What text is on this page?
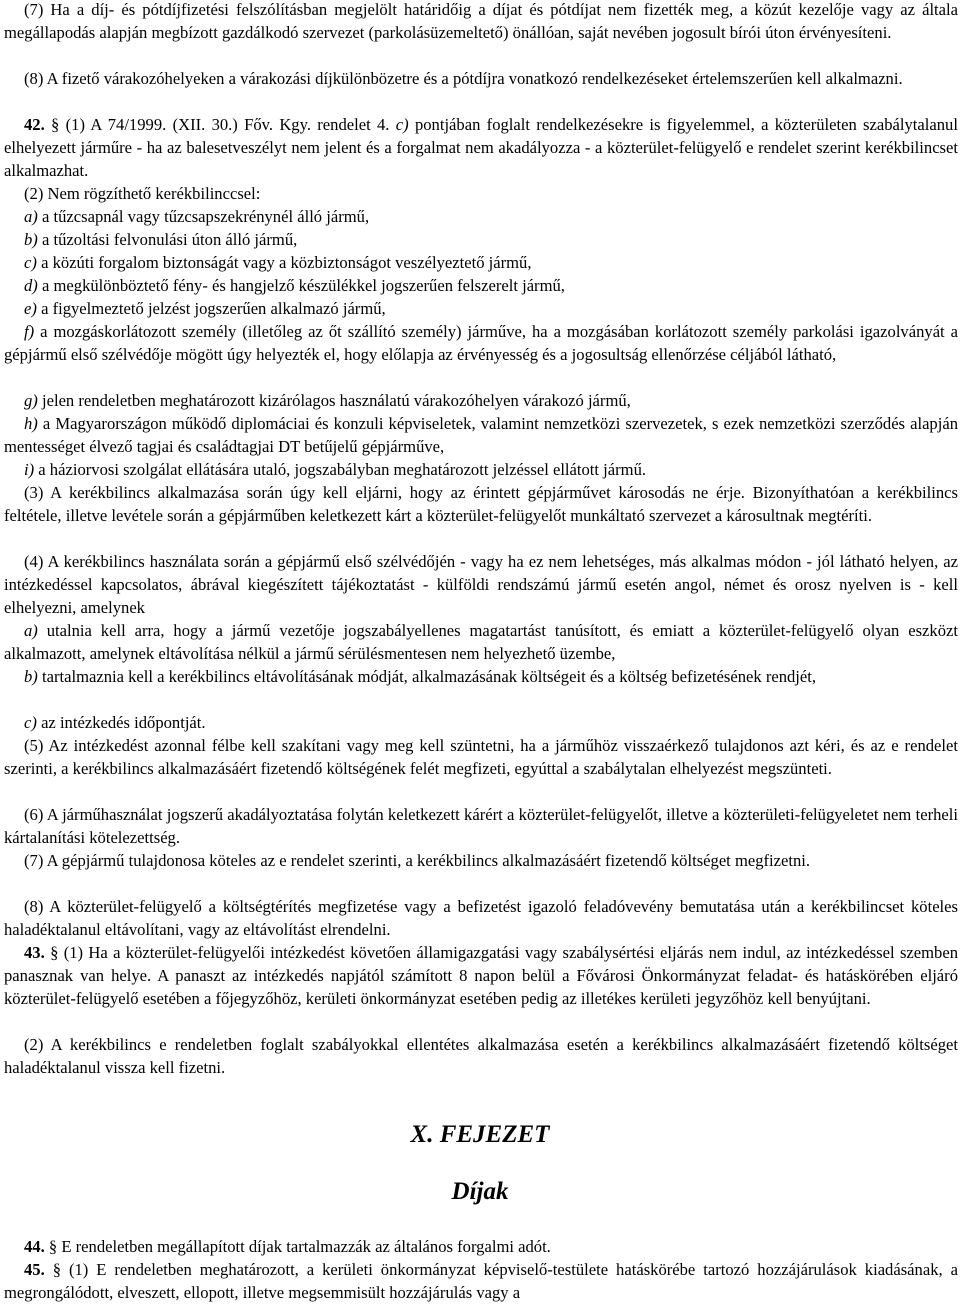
(7) Ha a díj- és pótdíjfizetési felszólításban megjelölt határidőig a díjat és pótdíjat nem fizették meg, a közút kezelője vagy az általa megállapodás alapján megbízott gazdálkodó szervezet (parkolásüzemeltető) önállóan, saját nevében jogosult bírói úton érvényesíteni.

(8) A fizető várakozóhelyeken a várakozási díjkülönbözetre és a pótdíjra vonatkozó rendelkezéseket értelemszerűen kell alkalmazni.

42. § (1) A 74/1999. (XII. 30.) Főv. Kgy. rendelet 4. c) pontjában foglalt rendelkezésekre is figyelemmel, a közterületen szabálytalanul elhelyezett járműre - ha az balesetveszélyt nem jelent és a forgalmat nem akadályozza - a közterület-felügyelő e rendelet szerint kerékbilincset alkalmazhat.

(2) Nem rögzíthető kerékbilinccsel:

a) a tűzcsapnál vagy tűzcsapszekrénynél álló jármű,

b) a tűzoltási felvonulási úton álló jármű,

c) a közúti forgalom biztonságát vagy a közbiztonságot veszélyeztető jármű,

d) a megkülönböztető fény- és hangjelző készülékkel jogszerűen felszerelt jármű,

e) a figyelmeztető jelzést jogszerűen alkalmazó jármű,

f) a mozgáskorlátozott személy (illetőleg az őt szállító személy) járműve, ha a mozgásában korlátozott személy parkolási igazolványát a gépjármű első szélvédője mögött úgy helyezték el, hogy előlapja az érvényesség és a jogosultság ellenőrzése céljából látható,

g) jelen rendeletben meghatározott kizárólagos használatú várakozóhelyen várakozó jármű,

h) a Magyarországon működő diplomáciai és konzuli képviseletek, valamint nemzetközi szervezetek, s ezek nemzetközi szerződés alapján mentességet élvező tagjai és családtagjai DT betűjelű gépjárműve,

i) a háziorvosi szolgálat ellátására utaló, jogszabályban meghatározott jelzéssel ellátott jármű.

(3) A kerékbilincs alkalmazása során úgy kell eljárni, hogy az érintett gépjárművet károsodás ne érje. Bizonyíthatóan a kerékbilincs feltétele, illetve levétele során a gépjárműben keletkezett kárt a közterület-felügyelőt munkáltató szervezet a károsultnak megtéríti.

(4) A kerékbilincs használata során a gépjármű első szélvédőjén - vagy ha ez nem lehetséges, más alkalmas módon - jól látható helyen, az intézkedéssel kapcsolatos, ábrával kiegészített tájékoztatást - külföldi rendszámú jármű esetén angol, német és orosz nyelven is - kell elhelyezni, amelynek

a) utalnia kell arra, hogy a jármű vezetője jogszabályellenes magatartást tanúsított, és emiatt a közterület-felügyelő olyan eszközt alkalmazott, amelynek eltávolítása nélkül a jármű sérülésmentesen nem helyezhető üzembe,

b) tartalmaznia kell a kerékbilincs eltávolításának módját, alkalmazásának költségeit és a költség befizetésének rendjét,

c) az intézkedés időpontját.

(5) Az intézkedést azonnal félbe kell szakítani vagy meg kell szüntetni, ha a járműhöz visszaérkező tulajdonos azt kéri, és az e rendelet szerinti, a kerékbilincs alkalmazásáért fizetendő költségének felét megfizeti, egyúttal a szabálytalan elhelyezést megszünteti.

(6) A járműhasználat jogszerű akadályoztatása folytán keletkezett kárért a közterület-felügyelőt, illetve a közterületi-felügyeletet nem terheli kártalanítási kötelezettség.

(7) A gépjármű tulajdonosa köteles az e rendelet szerinti, a kerékbilincs alkalmazásáért fizetendő költséget megfizetni.

(8) A közterület-felügyelő a költségtérítés megfizetése vagy a befizetést igazoló feladóvevény bemutatása után a kerékbilincset köteles haladéktalanul eltávolítani, vagy az eltávolítást elrendelni.

43. § (1) Ha a közterület-felügyelői intézkedést követően államigazgatási vagy szabálysértési eljárás nem indul, az intézkedéssel szemben panasznak van helye. A panaszt az intézkedés napjától számított 8 napon belül a Fővárosi Önkormányzat feladat- és hatáskörében eljáró közterület-felügyelő esetében a főjegyzőhöz, kerületi önkormányzat esetében pedig az illetékes kerületi jegyzőhöz kell benyújtani.

(2) A kerékbilincs e rendeletben foglalt szabályokkal ellentétes alkalmazása esetén a kerékbilincs alkalmazásáért fizetendő költséget haladéktalanul vissza kell fizetni.

X. FEJEZET
Díjak

44. § E rendeletben megállapított díjak tartalmazzák az általános forgalmi adót.

45. § (1) E rendeletben meghatározott, a kerületi önkormányzat képviselő-testülete hatáskörébe tartozó hozzájárulások kiadásának, a megrongálódott, elveszett, ellopott, illetve megsemmisült hozzájárulás vagy a
